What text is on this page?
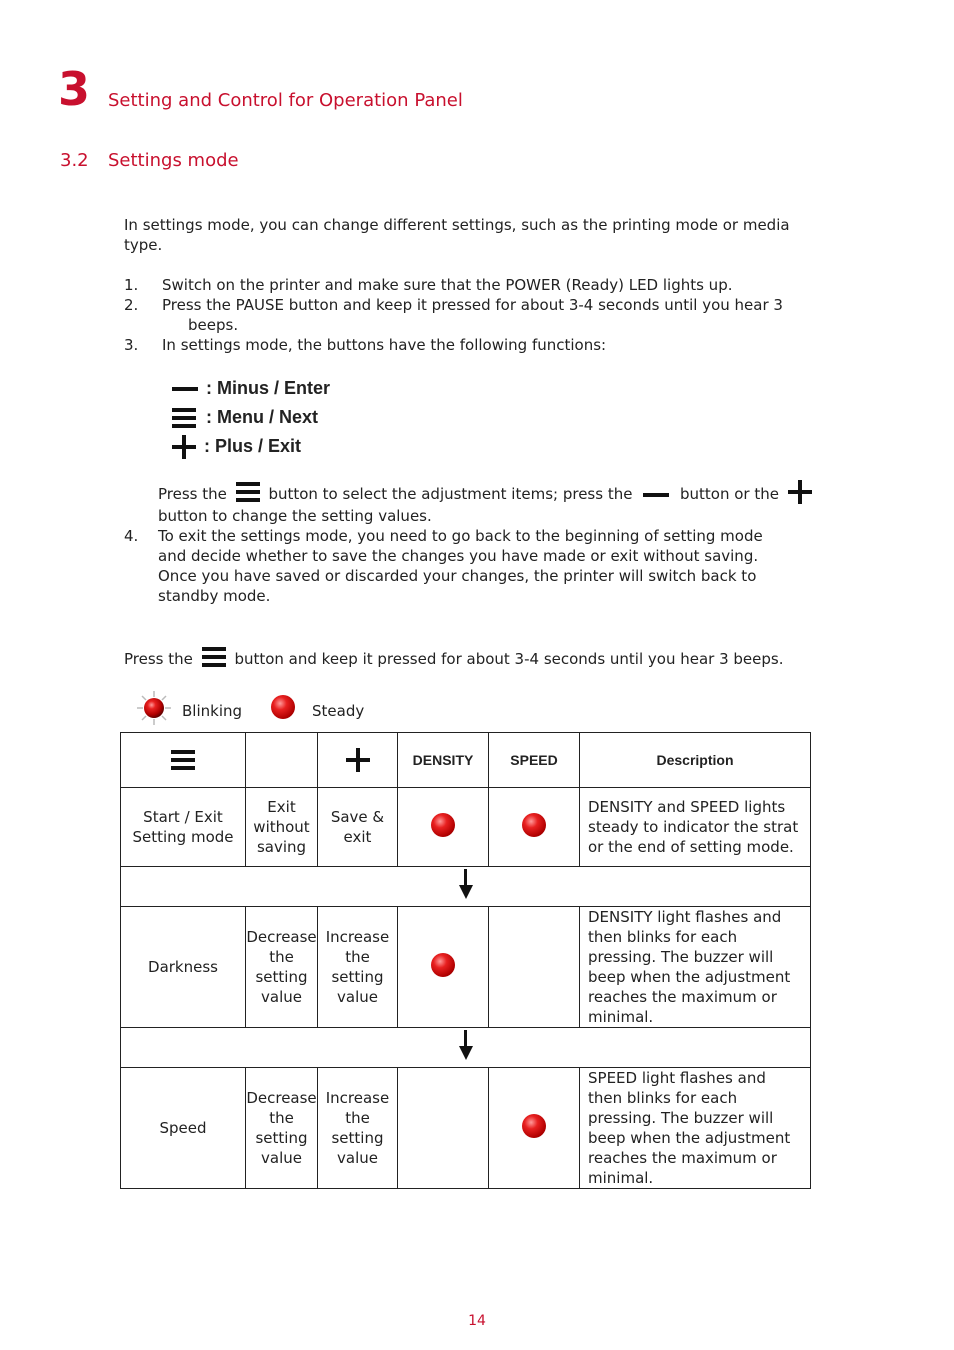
3 Setting and Control for Operation Panel
3.2 Settings mode
In settings mode, you can change different settings, such as the printing mode or media type.
1. Switch on the printer and make sure that the POWER (Ready) LED lights up.
2. Press the PAUSE button and keep it pressed for about 3-4 seconds until you hear 3
beeps.
3. In settings mode, the buttons have the following functions:
: Minus / Enter
: Menu / Next
: Plus / Exit
Press the	button to select the adjustment items; press the	button or the
button to change the setting values.
4. To exit the settings mode, you need to go back to the beginning of setting mode and decide whether to save the changes you have made or exit without saving. Once you have saved or discarded your changes, the printer will switch back to standby mode.
Press the	button and keep it pressed for about 3-4 seconds until you hear 3 beeps.
Blinking	Steady
			DENSITY	SPEED	Description
Start / Exit Setting mode	Exit without saving	Save & exit			DENSITY and SPEED lights steady to indicator the strat or the end of setting mode.

Darkness	Decrease the setting value	Increase the setting value			DENSITY light flashes and then blinks for each pressing. The buzzer will beep when the adjustment reaches the maximum or minimal.

Speed	Decrease the setting value	Increase the setting value			SPEED light flashes and then blinks for each pressing. The buzzer will beep when the adjustment reaches the maximum or minimal.
14
